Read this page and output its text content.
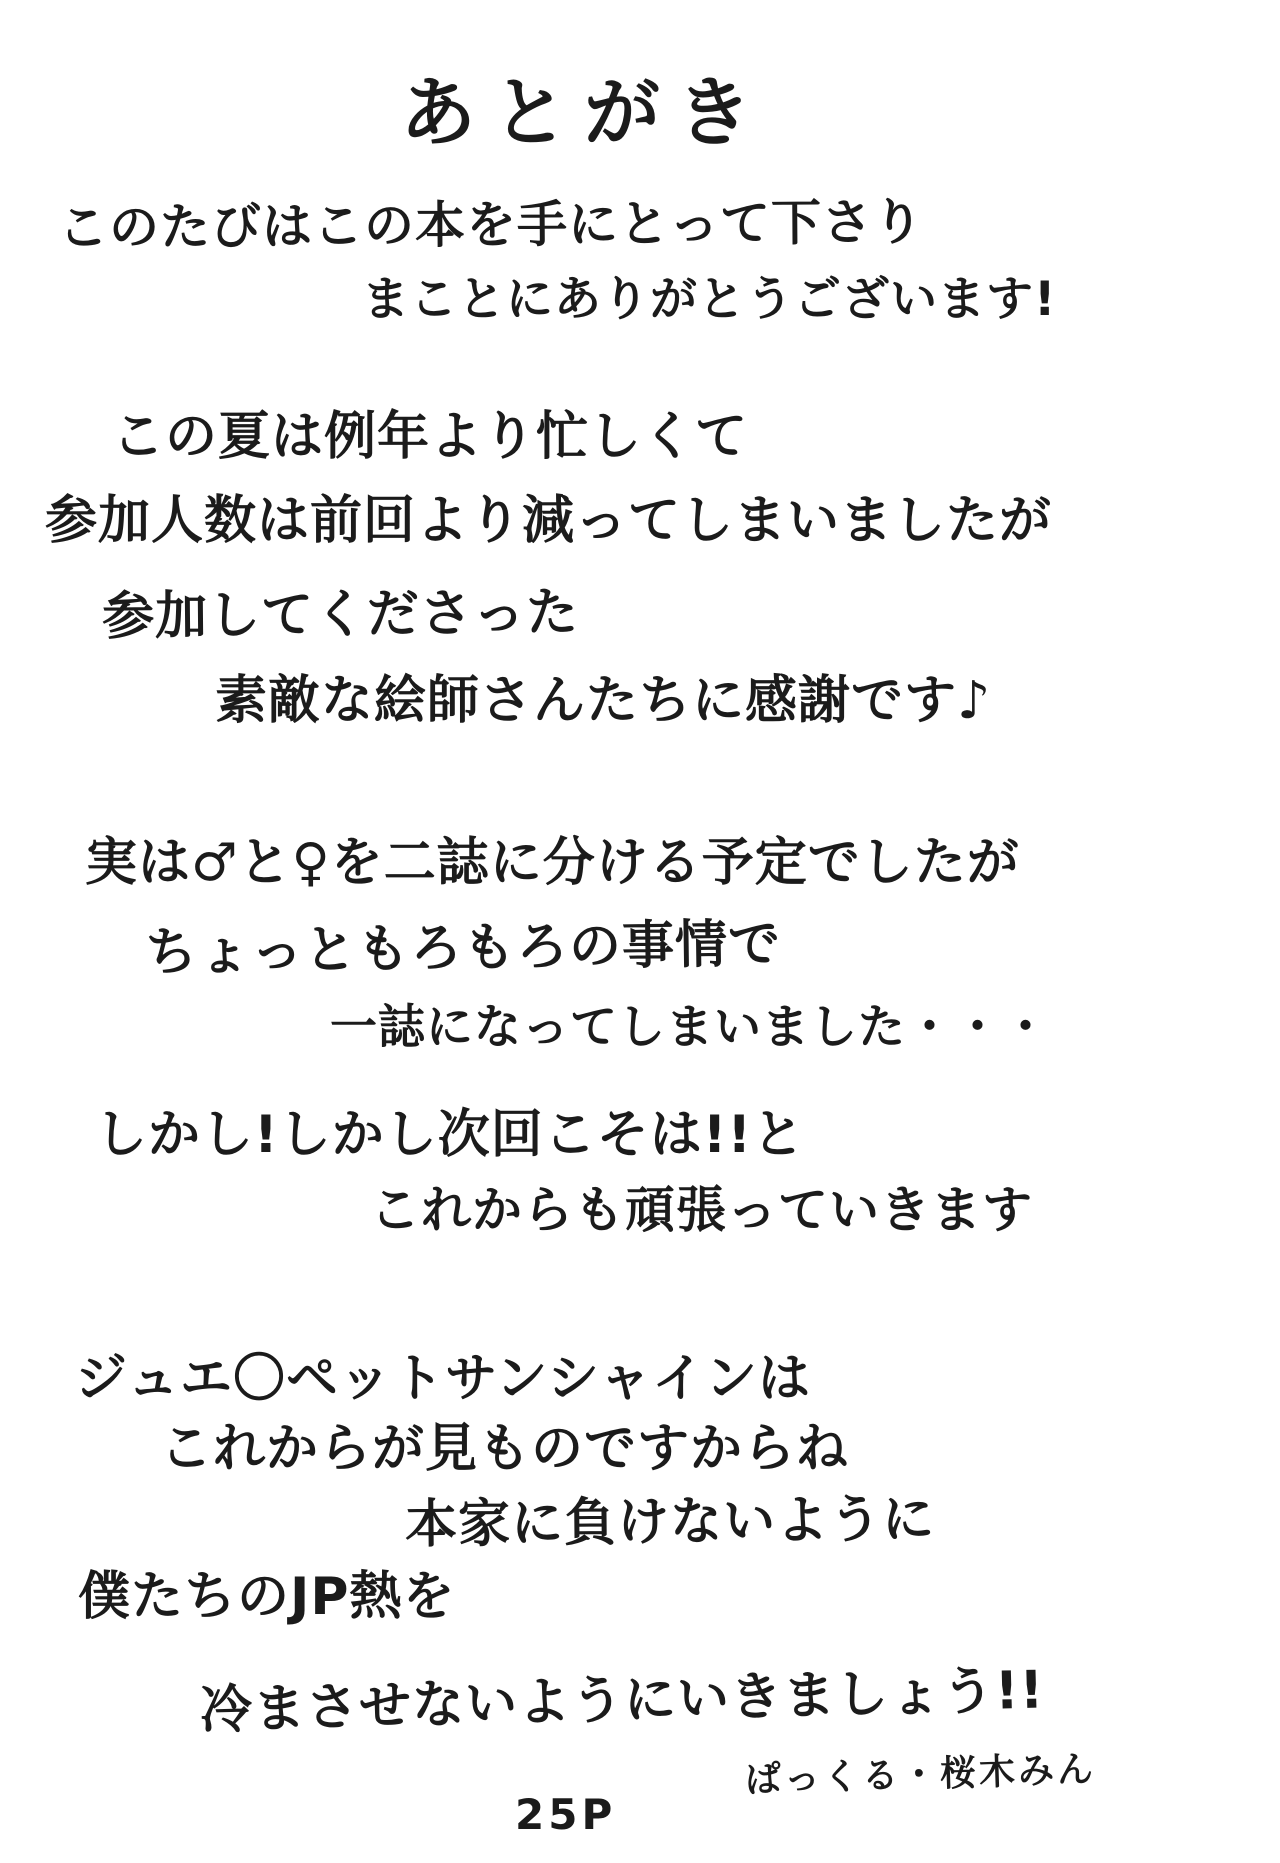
あとがき
このたびはこの本を手にとって下さり
まことにありがとうございます!
この夏は例年より忙しくて
参加人数は前回より減ってしまいましたが
参加してくださった
素敵な絵師さんたちに感謝です♪
実は♂と♀を二誌に分ける予定でしたが
ちょっともろもろの事情で
一誌になってしまいました・・・
しかし!しかし次回こそは!!と
これからも頑張っていきます
ジュエ〇ペットサンシャインは
これからが見ものですからね
本家に負けないように
僕たちのJP熱を
冷まさせないようにいきましょう!!
ぱっくる・桜木みん
25P
